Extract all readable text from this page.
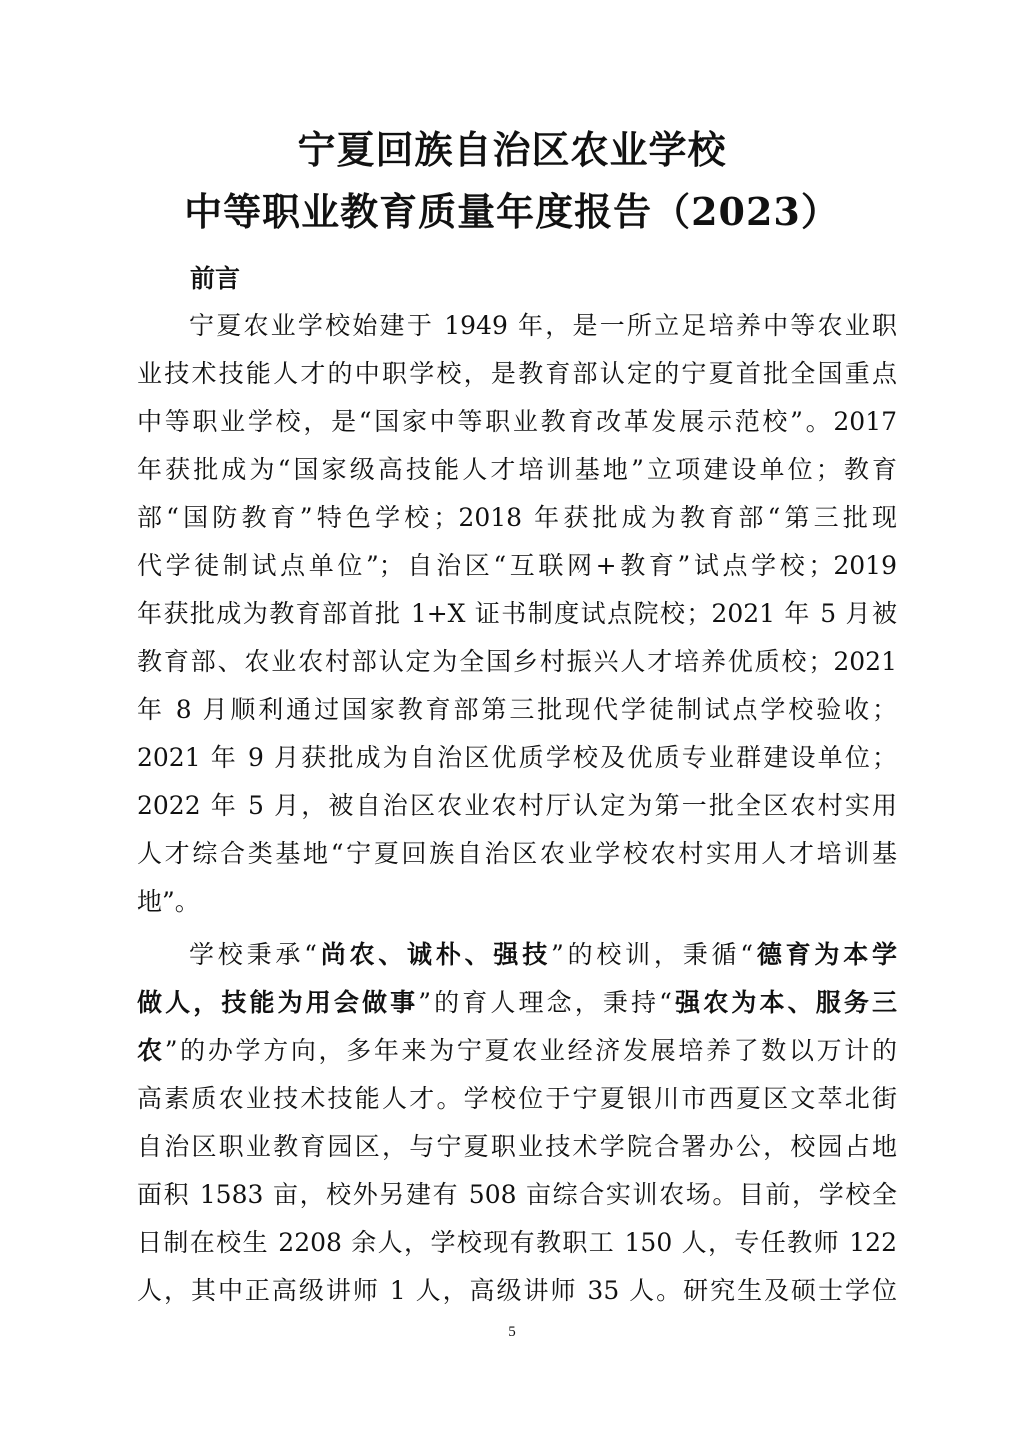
宁夏回族自治区农业学校
中等职业教育质量年度报告（2023）
前言
宁夏农业学校始建于 1949 年，是一所立足培养中等农业职
业技术技能人才的中职学校，是教育部认定的宁夏首批全国重点
中等职业学校，是“国家中等职业教育改革发展示范校”。2017
年获批成为“国家级高技能人才培训基地”立项建设单位；教育
部“国防教育”特色学校；2018 年获批成为教育部“第三批现
代学徒制试点单位”；自治区“互联网+教育”试点学校；2019
年获批成为教育部首批 1+X 证书制度试点院校；2021 年 5 月被
教育部、农业农村部认定为全国乡村振兴人才培养优质校；2021
年 8 月顺利通过国家教育部第三批现代学徒制试点学校验收；
2021 年 9 月获批成为自治区优质学校及优质专业群建设单位；
2022 年 5 月，被自治区农业农村厅认定为第一批全区农村实用
人才综合类基地“宁夏回族自治区农业学校农村实用人才培训基
地”。
学校秉承“尚农、诚朴、强技”的校训，秉循“德育为本学
做人，技能为用会做事”的育人理念，秉持“强农为本、服务三
农”的办学方向，多年来为宁夏农业经济发展培养了数以万计的
高素质农业技术技能人才。学校位于宁夏银川市西夏区文萃北街
自治区职业教育园区，与宁夏职业技术学院合署办公，校园占地
面积 1583 亩，校外另建有 508 亩综合实训农场。目前，学校全
日制在校生 2208 余人，学校现有教职工 150 人，专任教师 122
人，其中正高级讲师 1 人，高级讲师 35 人。研究生及硕士学位
5
